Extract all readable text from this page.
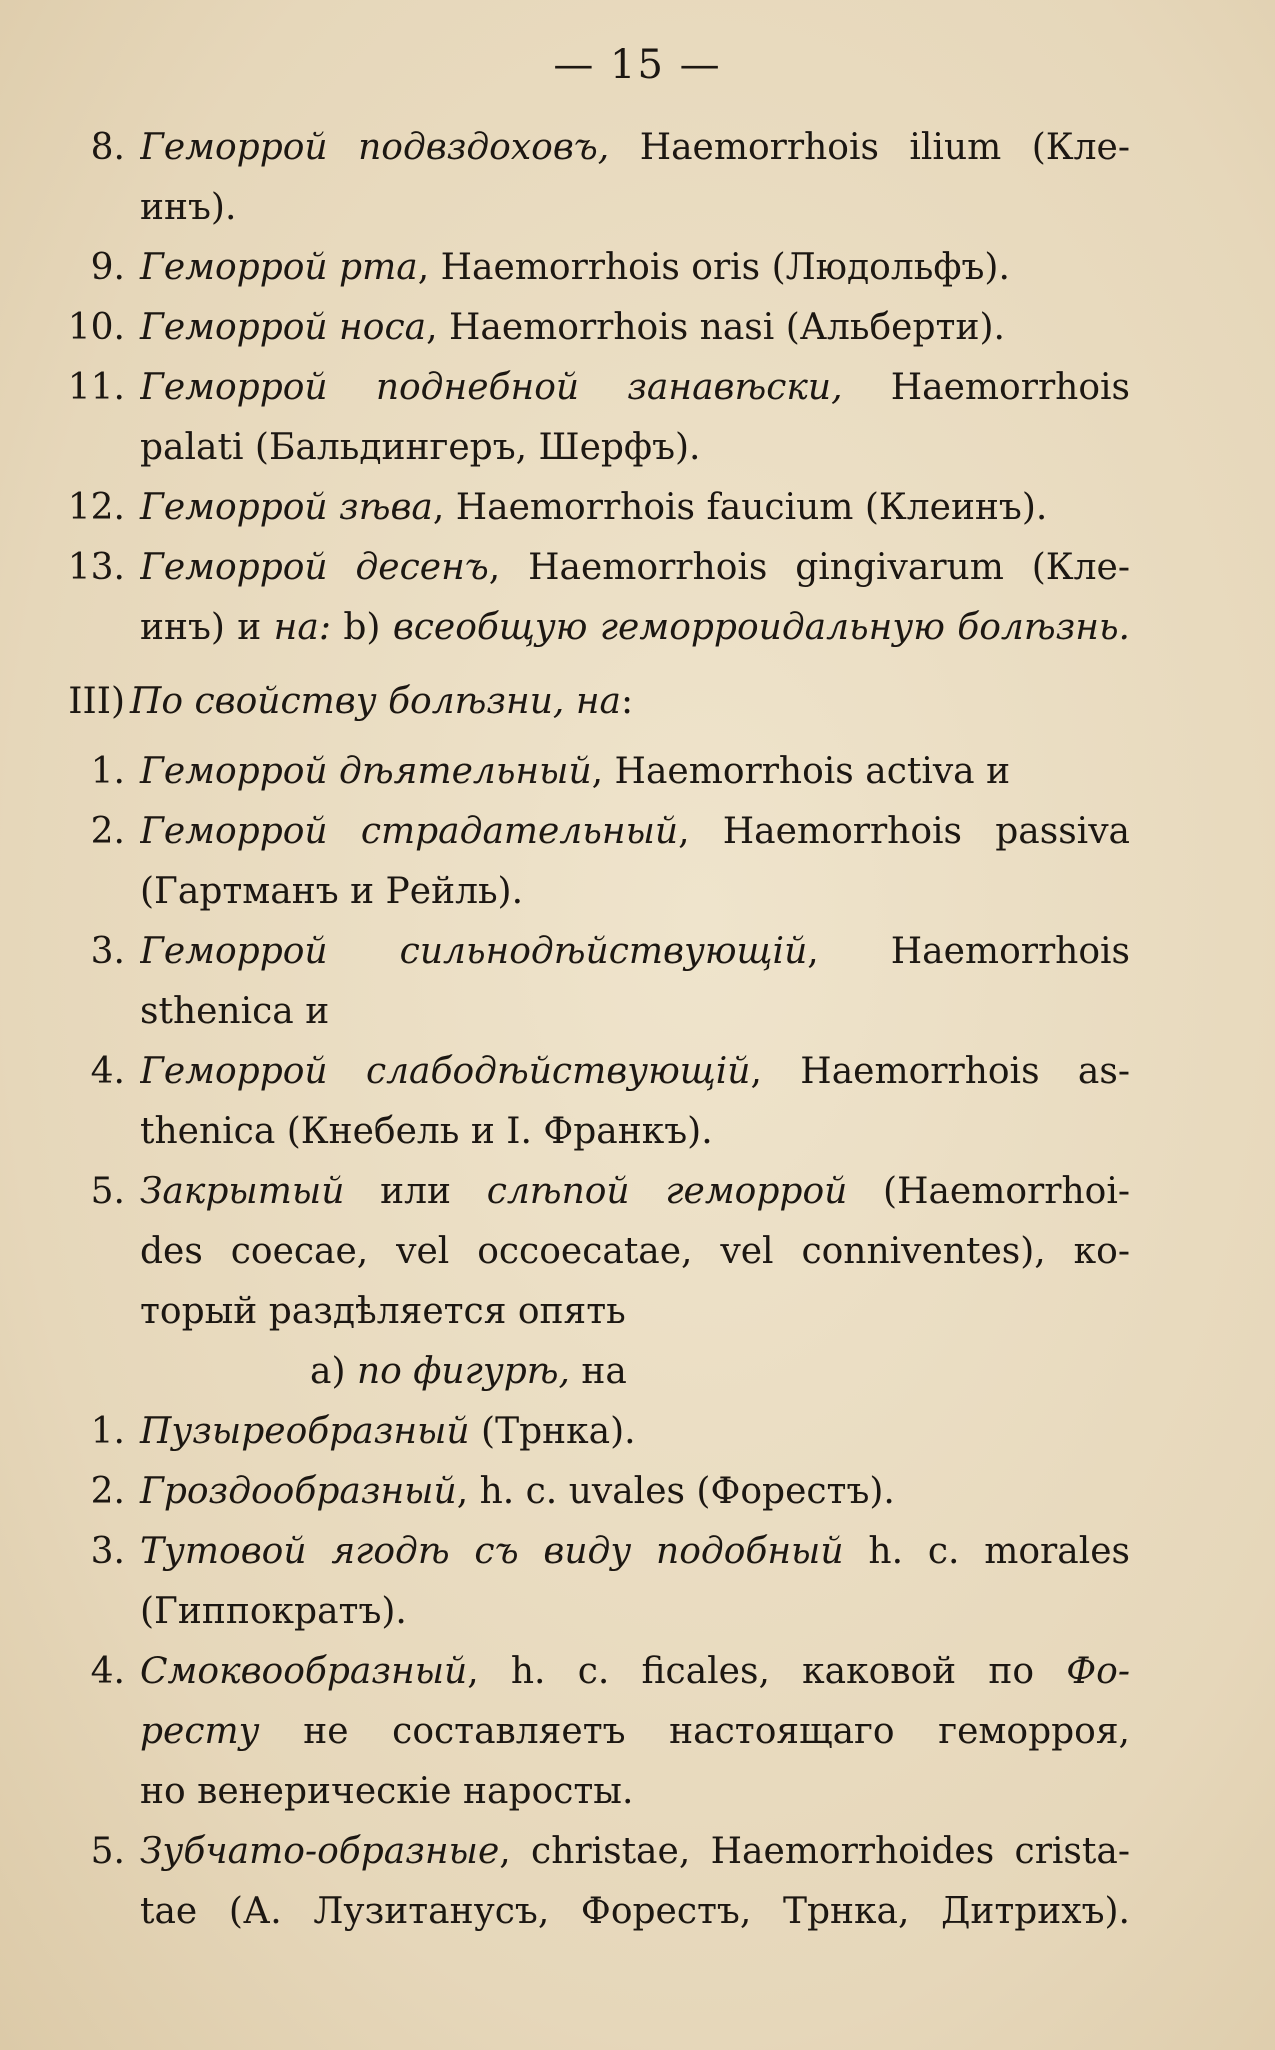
— 15 —
8. Геморрой подвздоховъ, Haemorrhois ilium (Кле-
инъ).
9. Геморрой рта, Haemorrhois oris (Людольфъ).
10. Геморрой носа, Haemorrhois nasi (Альберти).
11. Геморрой поднебной занавѣски, Haemorrhois
palati (Бальдингеръ, Шерфъ).
12. Геморрой зѣва, Haemorrhois faucium (Клеинъ).
13. Геморрой десенъ, Haemorrhois gingivarum (Кле-
инъ) и на: b) всеобщую геморроидальную болѣзнь.
III) По свойству болѣзни, на:
1. Геморрой дѣятельный, Haemorrhois activa и
2. Геморрой страдательный, Haemorrhois passiva
(Гартманъ и Рейль).
3. Геморрой сильнодѣйствующій, Haemorrhois
sthenica и
4. Геморрой слабодѣйствующій, Haemorrhois as-
thenica (Кнебель и І. Франкъ).
5. Закрытый или слѣпой геморрой (Haemorrhoi-
des coecae, vel occoecatae, vel conniventes), ко-
торый раздѣляется опять
а) по фигурѣ, на
1. Пузыреобразный (Трнка).
2. Гроздообразный, h. c. uvales (Форестъ).
3. Тутовой ягодѣ съ виду подобный h. c. morales
(Гиппократъ).
4. Смоквообразный, h. c. ficales, каковой по Фо-
ресту не составляетъ настоящаго геморроя,
но венерическіе наросты.
5. Зубчато-образные, christae, Haemorrhoides crista-
tae (А. Лузитанусъ, Форестъ, Трнка, Дитрихъ).
